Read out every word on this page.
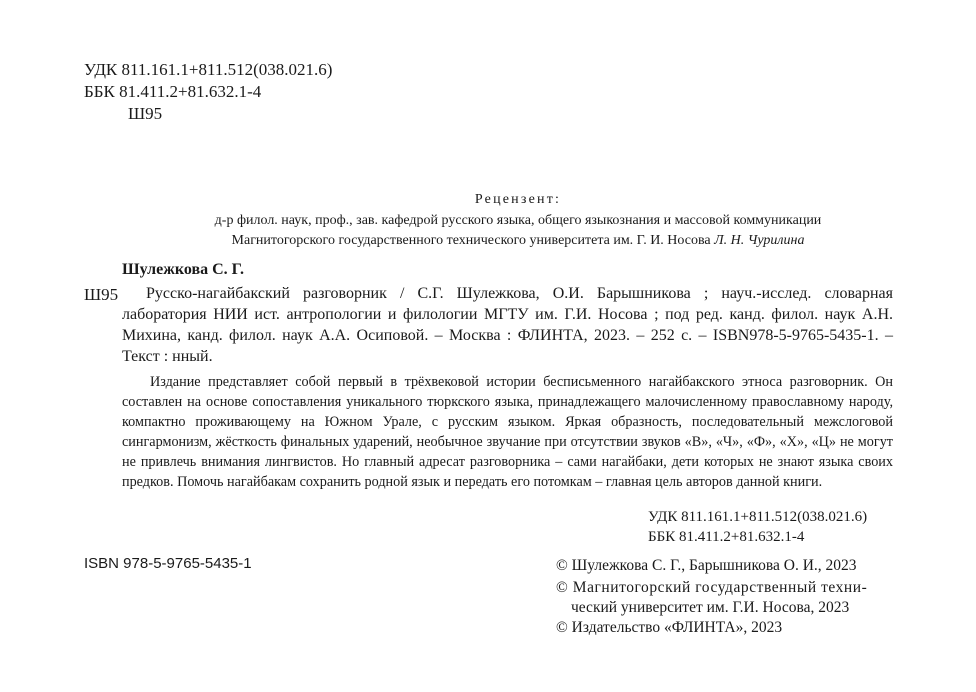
УДК 811.161.1+811.512(038.021.6)
ББК 81.411.2+81.632.1-4
Ш95
Рецензент:
д-р филол. наук, проф., зав. кафедрой русского языка, общего языкознания и массовой коммуникации
Магнитогорского государственного технического университета им. Г. И. Носова Л. Н. Чурилина
Шулежкова С. Г.
Ш95	Русско-нагайбакский разговорник / С.Г. Шулежкова, О.И. Барышникова ; науч.-исслед. словарная лаборатория НИИ ист. антропологии и филологии МГТУ им. Г.И. Носова ; под ред. канд. филол. наук А.Н. Михина, канд. филол. наук А.А. Осиповой. – Москва : ФЛИНТА, 2023. – 252 с. – ISBN978-5-9765-5435-1. – Текст : нный.
Издание представляет собой первый в трёхвековой истории бесписьменного нагайбакского этноса разговорник. Он составлен на основе сопоставления уникального тюркского языка, принадлежащего малочисленному православному народу, компактно проживающему на Южном Урале, с русским языком. Яркая образность, последовательный межслоговой сингармонизм, жёсткость финальных ударений, необычное звучание при отсутствии звуков «В», «Ч», «Ф», «Х», «Ц» не могут не привлечь внимания лингвистов. Но главный адресат разговорника – сами нагайбаки, дети которых не знают языка своих предков. Помочь нагайбакам сохранить родной язык и передать его потомкам – главная цель авторов данной книги.
УДК 811.161.1+811.512(038.021.6)
ББК 81.411.2+81.632.1-4
ISBN 978-5-9765-5435-1	© Шулежкова С. Г., Барышникова О. И., 2023
© Магнитогорский государственный техни-
ческий университет им. Г.И. Носова, 2023
© Издательство «ФЛИНТА», 2023
